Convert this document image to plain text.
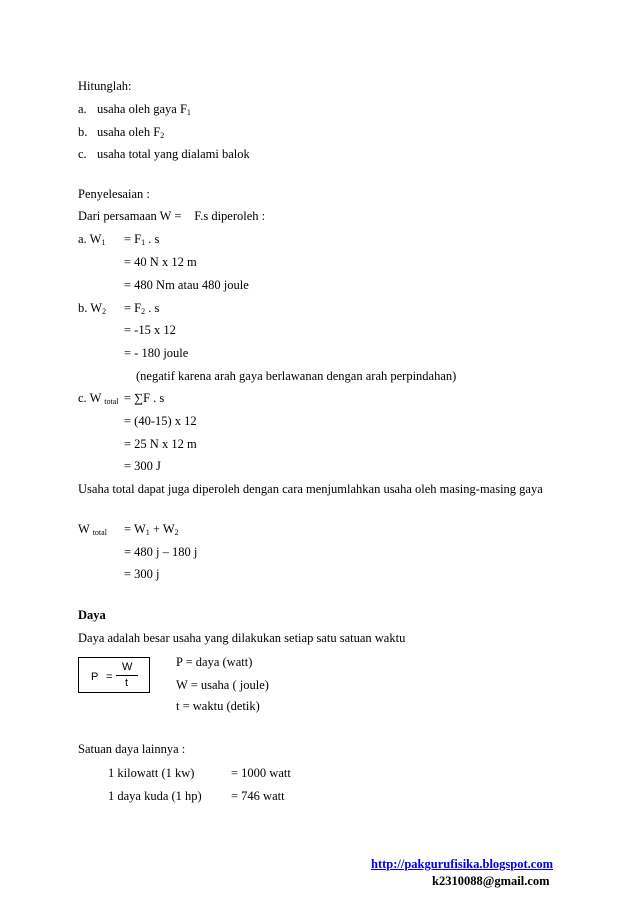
Hitunglah:
a. usaha oleh gaya $F_1$
b. usaha oleh $F_2$
c. usaha total yang dialami balok
Penyelesaian :
Dari persamaan W = F.s diperoleh :
a. $W_1 = F_1$ . s
= 40 N x 12 m
= 480 Nm atau 480 joule
b. $W_2 = F_2$ . s
= -15 x 12
= - 180 joule
(negatif karena arah gaya berlawanan dengan arah perpindahan)
c. W $_{total}$ = ∑F . s
= (40-15) x 12
= 25 N x 12 m
= 300 J
Usaha total dapat juga diperoleh dengan cara menjumlahkan usaha oleh masing-masing gaya
W $_{total} = W_1 + W_2$
= 480 j – 180 j
= 300 j
Daya
Daya adalah besar usaha yang dilakukan setiap satu satuan waktu
P =
W
t
P = daya (watt)
W = usaha ( joule)
t = waktu (detik)
Satuan daya lainnya :
1 kilowatt (1 kw)	= 1000 watt
1 daya kuda (1 hp) = 746 watt
http://pakgurufisika.blogspot.com
k2310088@gmail.com
